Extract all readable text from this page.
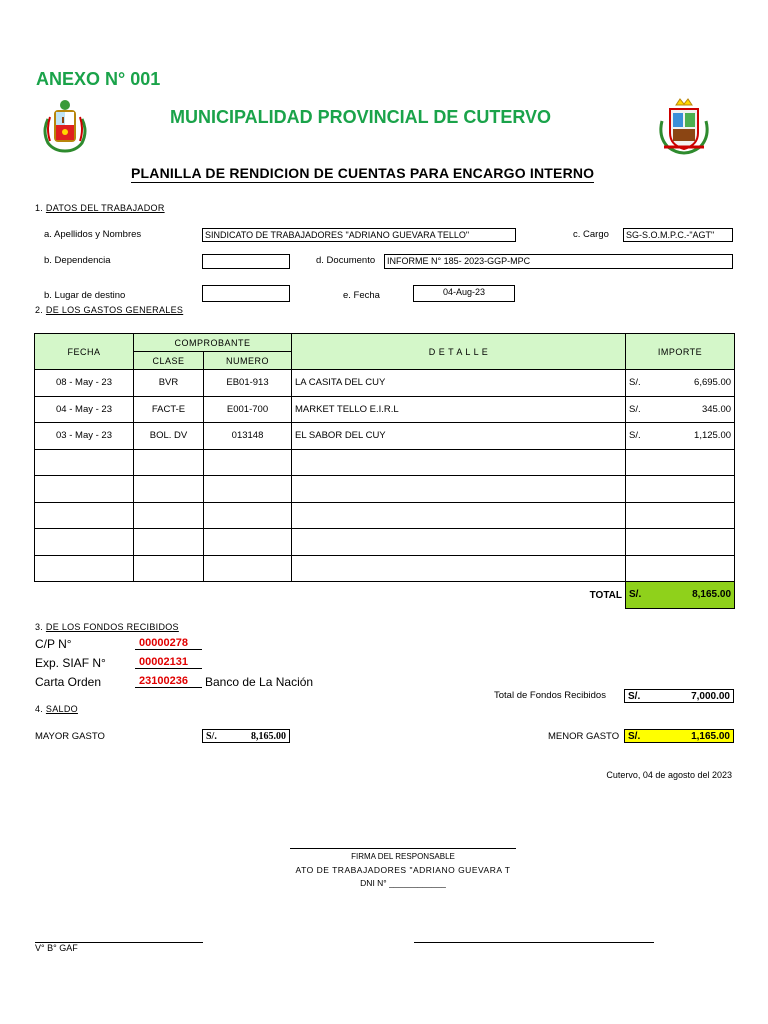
ANEXO N° 001
MUNICIPALIDAD PROVINCIAL DE CUTERVO
PLANILLA DE RENDICION DE CUENTAS PARA ENCARGO INTERNO
1. DATOS DEL TRABAJADOR
a. Apellidos y Nombres	SINDICATO DE TRABAJADORES "ADRIANO GUEVARA TELLO"	c. Cargo	SG-S.O.M.P.C.-"AGT"
b. Dependencia	d. Documento	INFORME N° 185- 2023-GGP-MPC
b. Lugar de destino	e. Fecha	04-Aug-23
2. DE LOS GASTOS GENERALES
FECHA	COMPROBANTE		D E T A L L E	IMPORTE
	CLASE	NUMERO		
08 - May - 23	BVR	EB01-913	LA CASITA DEL CUY	S/. 6,695.00

04 - May - 23	FACT-E	E001-700	MARKET TELLO E.I.R.L	S/. 345.00

03 - May - 23	BOL. DV	013148	EL SABOR DEL CUY	S/. 1,125.00

TOTAL				S/. 8,165.00
3. DE LOS FONDOS RECIBIDOS
C/P N°	00000278
Exp. SIAF N°	00002131
Carta Orden	23100236	Banco de La Nación
Total de Fondos Recibidos S/.	7,000.00
4. SALDO
MAYOR GASTO	S/.	8,165.00	MENOR GASTO S/.	1,165.00
Cutervo, 04 de agosto del 2023
FIRMA DEL RESPONSABLE
ATO DE TRABAJADORES "ADRIANO GUEVARA T
DNI N° ____________
V° B° GAF
